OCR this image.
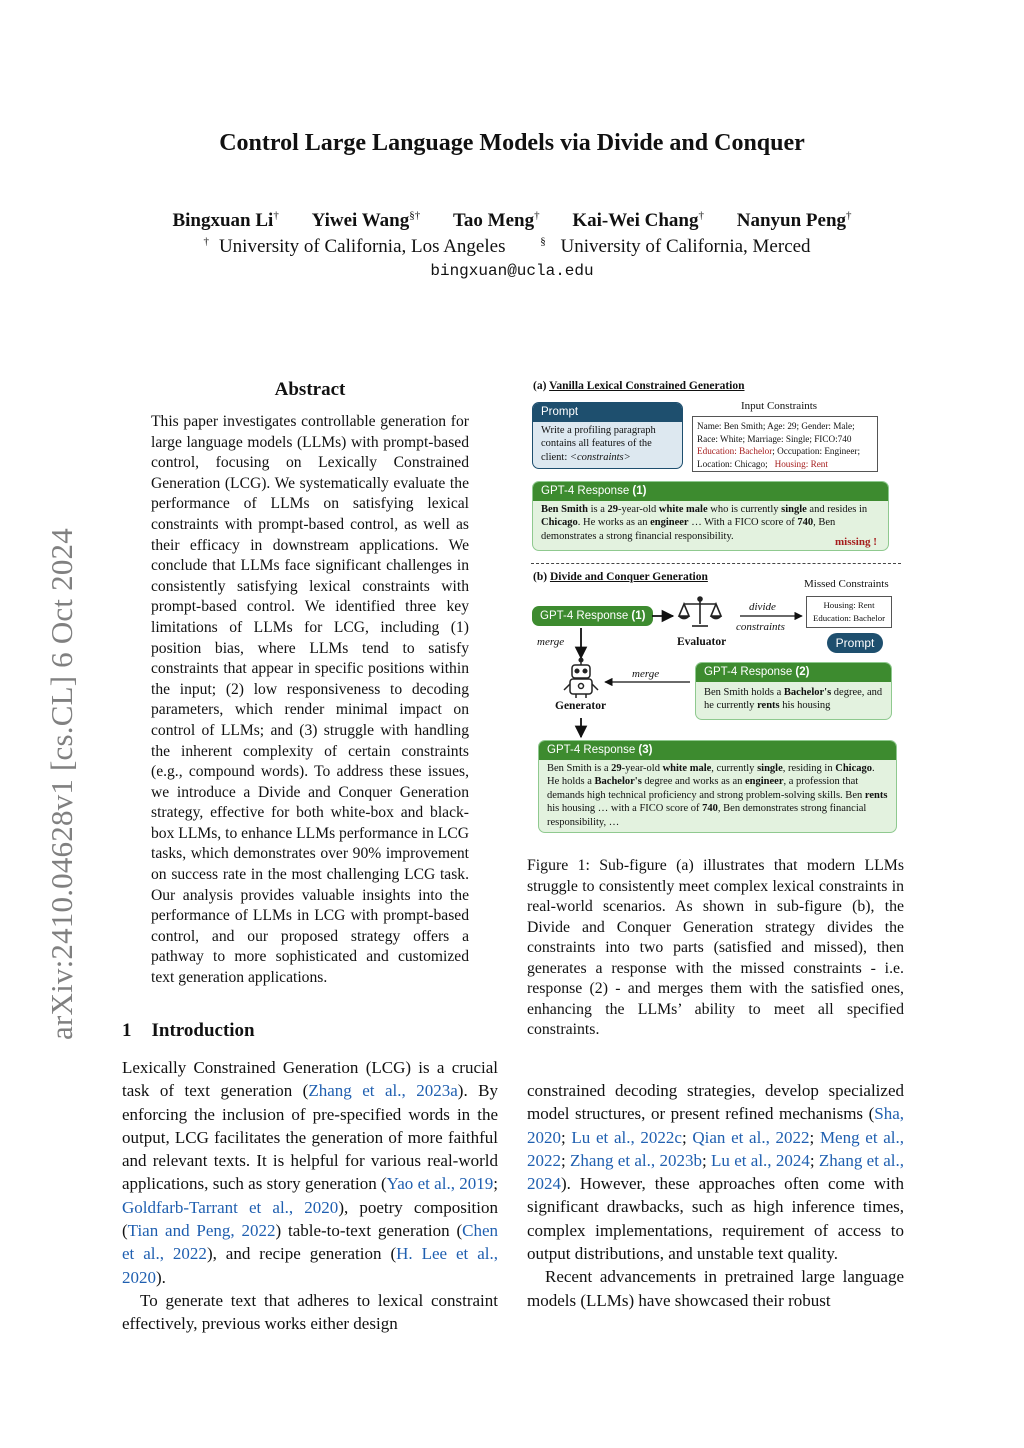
arXiv:2410.04628v1 [cs.CL] 6 Oct 2024
Control Large Language Models via Divide and Conquer
Bingxuan Li† Yiwei Wang§† Tao Meng† Kai-Wei Chang† Nanyun Peng†
† University of California, Los Angeles	§ University of California, Merced
bingxuan@ucla.edu
Abstract
This paper investigates controllable generation for large language models (LLMs) with prompt-based control, focusing on Lexically Constrained Generation (LCG). We systematically evaluate the performance of LLMs on satisfying lexical constraints with prompt-based control, as well as their efficacy in downstream applications. We conclude that LLMs face significant challenges in consistently satisfying lexical constraints with prompt-based control. We identified three key limitations of LLMs for LCG, including (1) position bias, where LLMs tend to satisfy constraints that appear in specific positions within the input; (2) low responsiveness to decoding parameters, which render minimal impact on control of LLMs; and (3) struggle with handling the inherent complexity of certain constraints (e.g., compound words). To address these issues, we introduce a Divide and Conquer Generation strategy, effective for both white-box and black-box LLMs, to enhance LLMs performance in LCG tasks, which demonstrates over 90% improvement on success rate in the most challenging LCG task. Our analysis provides valuable insights into the performance of LLMs in LCG with prompt-based control, and our proposed strategy offers a pathway to more sophisticated and customized text generation applications.
1 Introduction

Lexically Constrained Generation (LCG) is a crucial task of text generation (Zhang et al., 2023a). By enforcing the inclusion of pre-specified words in the output, LCG facilitates the generation of more faithful and relevant texts. It is helpful for various real-world applications, such as story generation (Yao et al., 2019; Goldfarb-Tarrant et al., 2020), poetry composition (Tian and Peng, 2022) table-to-text generation (Chen et al., 2022), and recipe generation (H. Lee et al., 2020).

To generate text that adheres to lexical constraint effectively, previous works either design

constrained decoding strategies, develop specialized model structures, or present refined mechanisms (Sha, 2020; Lu et al., 2022c; Qian et al., 2022; Meng et al., 2022; Zhang et al., 2023b; Lu et al., 2024; Zhang et al., 2024). However, these approaches often come with significant drawbacks, such as high inference times, complex implementations, requirement of access to output distributions, and unstable text quality.

Recent advancements in pretrained large language models (LLMs) have showcased their robust

(a) Vanilla Lexical Constrained Generation
Prompt
Write a profiling paragraph contains all features of the client: <constraints>
Input Constraints
Name: Ben Smith; Age: 29; Gender: Male;
Race: White; Marriage: Single; FICO:740
Education: Bachelor; Occupation: Engineer;
Location: Chicago; Housing: Rent
GPT-4 Response (1)
Ben Smith is a 29-year-old white male who is currently single and resides in Chicago. He works as an engineer … With a FICO score of 740, Ben demonstrates a strong financial responsibility.	missing !
(b) Divide and Conquer Generation
Missed Constraints
Housing: Rent
Education: Bachelor
GPT-4 Response (1)
Prompt
Evaluator
divide
constraints
merge
merge
Generator
GPT-4 Response (2)
Ben Smith holds a Bachelor's degree, and he currently rents his housing
GPT-4 Response (3)
Ben Smith is a 29-year-old white male, currently single, residing in Chicago. He holds a Bachelor's degree and works as an engineer, a profession that demands high technical proficiency and strong problem-solving skills. Ben rents his housing … with a FICO score of 740, Ben demonstrates strong financial responsibility, …
Figure 1: Sub-figure (a) illustrates that modern LLMs struggle to consistently meet complex lexical constraints in real-world scenarios. As shown in sub-figure (b), the Divide and Conquer Generation strategy divides the constraints into two parts (satisfied and missed), then generates a response with the missed constraints - i.e. response (2) - and merges them with the satisfied ones, enhancing the LLMs’ ability to meet all specified constraints.
